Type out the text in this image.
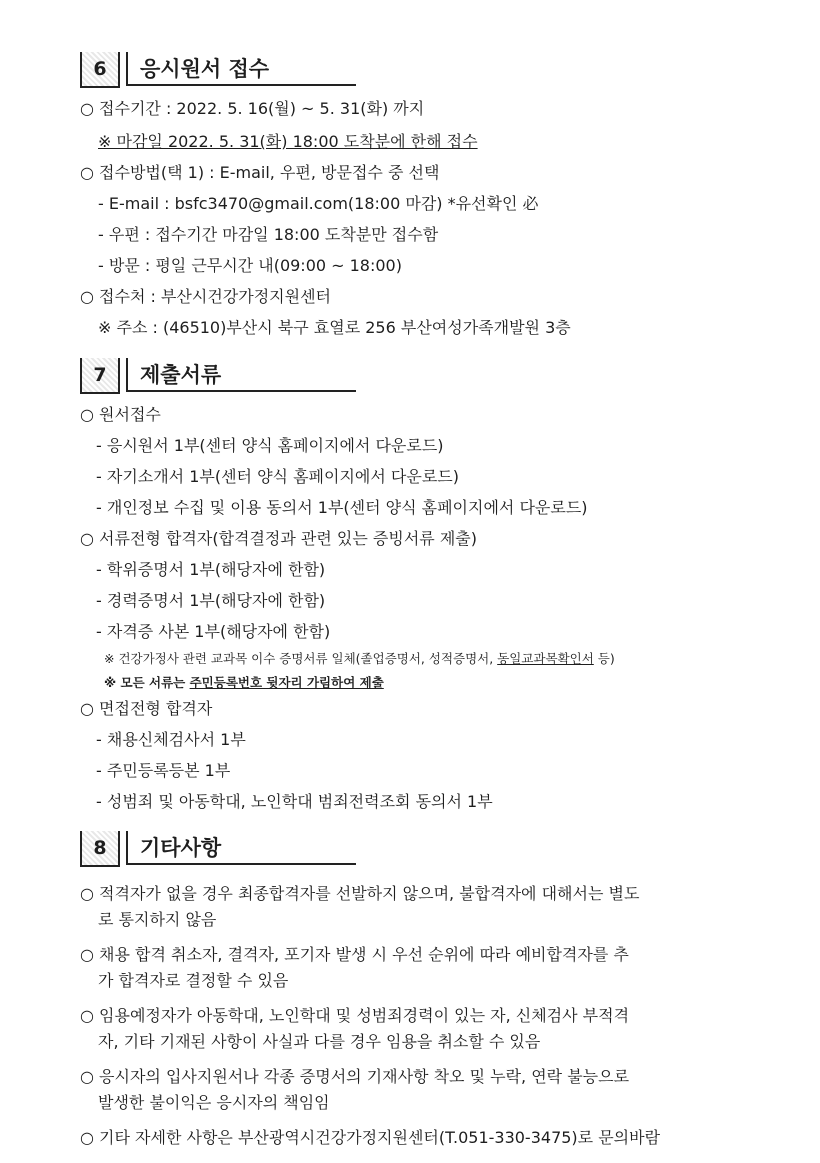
6	응시원서 접수
○ 접수기간 : 2022. 5. 16(월) ~ 5. 31(화) 까지
※ 마감일 2022. 5. 31(화) 18:00 도착분에 한해 접수
○ 접수방법(택 1) : E-mail, 우편, 방문접수 중 선택
- E-mail : bsfc3470@gmail.com(18:00 마감) *유선확인 必
- 우편 : 접수기간 마감일 18:00 도착분만 접수함
- 방문 : 평일 근무시간 내(09:00 ~ 18:00)
○ 접수처 : 부산시건강가정지원센터
※ 주소 : (46510)부산시 북구 효열로 256 부산여성가족개발원 3층
7	제출서류
○ 원서접수
- 응시원서 1부(센터 양식 홈페이지에서 다운로드)
- 자기소개서 1부(센터 양식 홈페이지에서 다운로드)
- 개인정보 수집 및 이용 동의서 1부(센터 양식 홈페이지에서 다운로드)
○ 서류전형 합격자(합격결정과 관련 있는 증빙서류 제출)
- 학위증명서 1부(해당자에 한함)
- 경력증명서 1부(해당자에 한함)
- 자격증 사본 1부(해당자에 한함)
※ 건강가정사 관련 교과목 이수 증명서류 일체(졸업증명서, 성적증명서, 동일교과목확인서 등)
※ 모든 서류는 주민등록번호 뒷자리 가림하여 제출
○ 면접전형 합격자
- 채용신체검사서 1부
- 주민등록등본 1부
- 성범죄 및 아동학대, 노인학대 범죄전력조회 동의서 1부
8	기타사항
○ 적격자가 없을 경우 최종합격자를 선발하지 않으며, 불합격자에 대해서는 별도
로 통지하지 않음
○ 채용 합격 취소자, 결격자, 포기자 발생 시 우선 순위에 따라 예비합격자를 추
가 합격자로 결정할 수 있음
○ 임용예정자가 아동학대, 노인학대 및 성범죄경력이 있는 자, 신체검사 부적격
자, 기타 기재된 사항이 사실과 다를 경우 임용을 취소할 수 있음
○ 응시자의 입사지원서나 각종 증명서의 기재사항 착오 및 누락, 연락 불능으로
발생한 불이익은 응시자의 책임임
○ 기타 자세한 사항은 부산광역시건강가정지원센터(T.051-330-3475)로 문의바람
